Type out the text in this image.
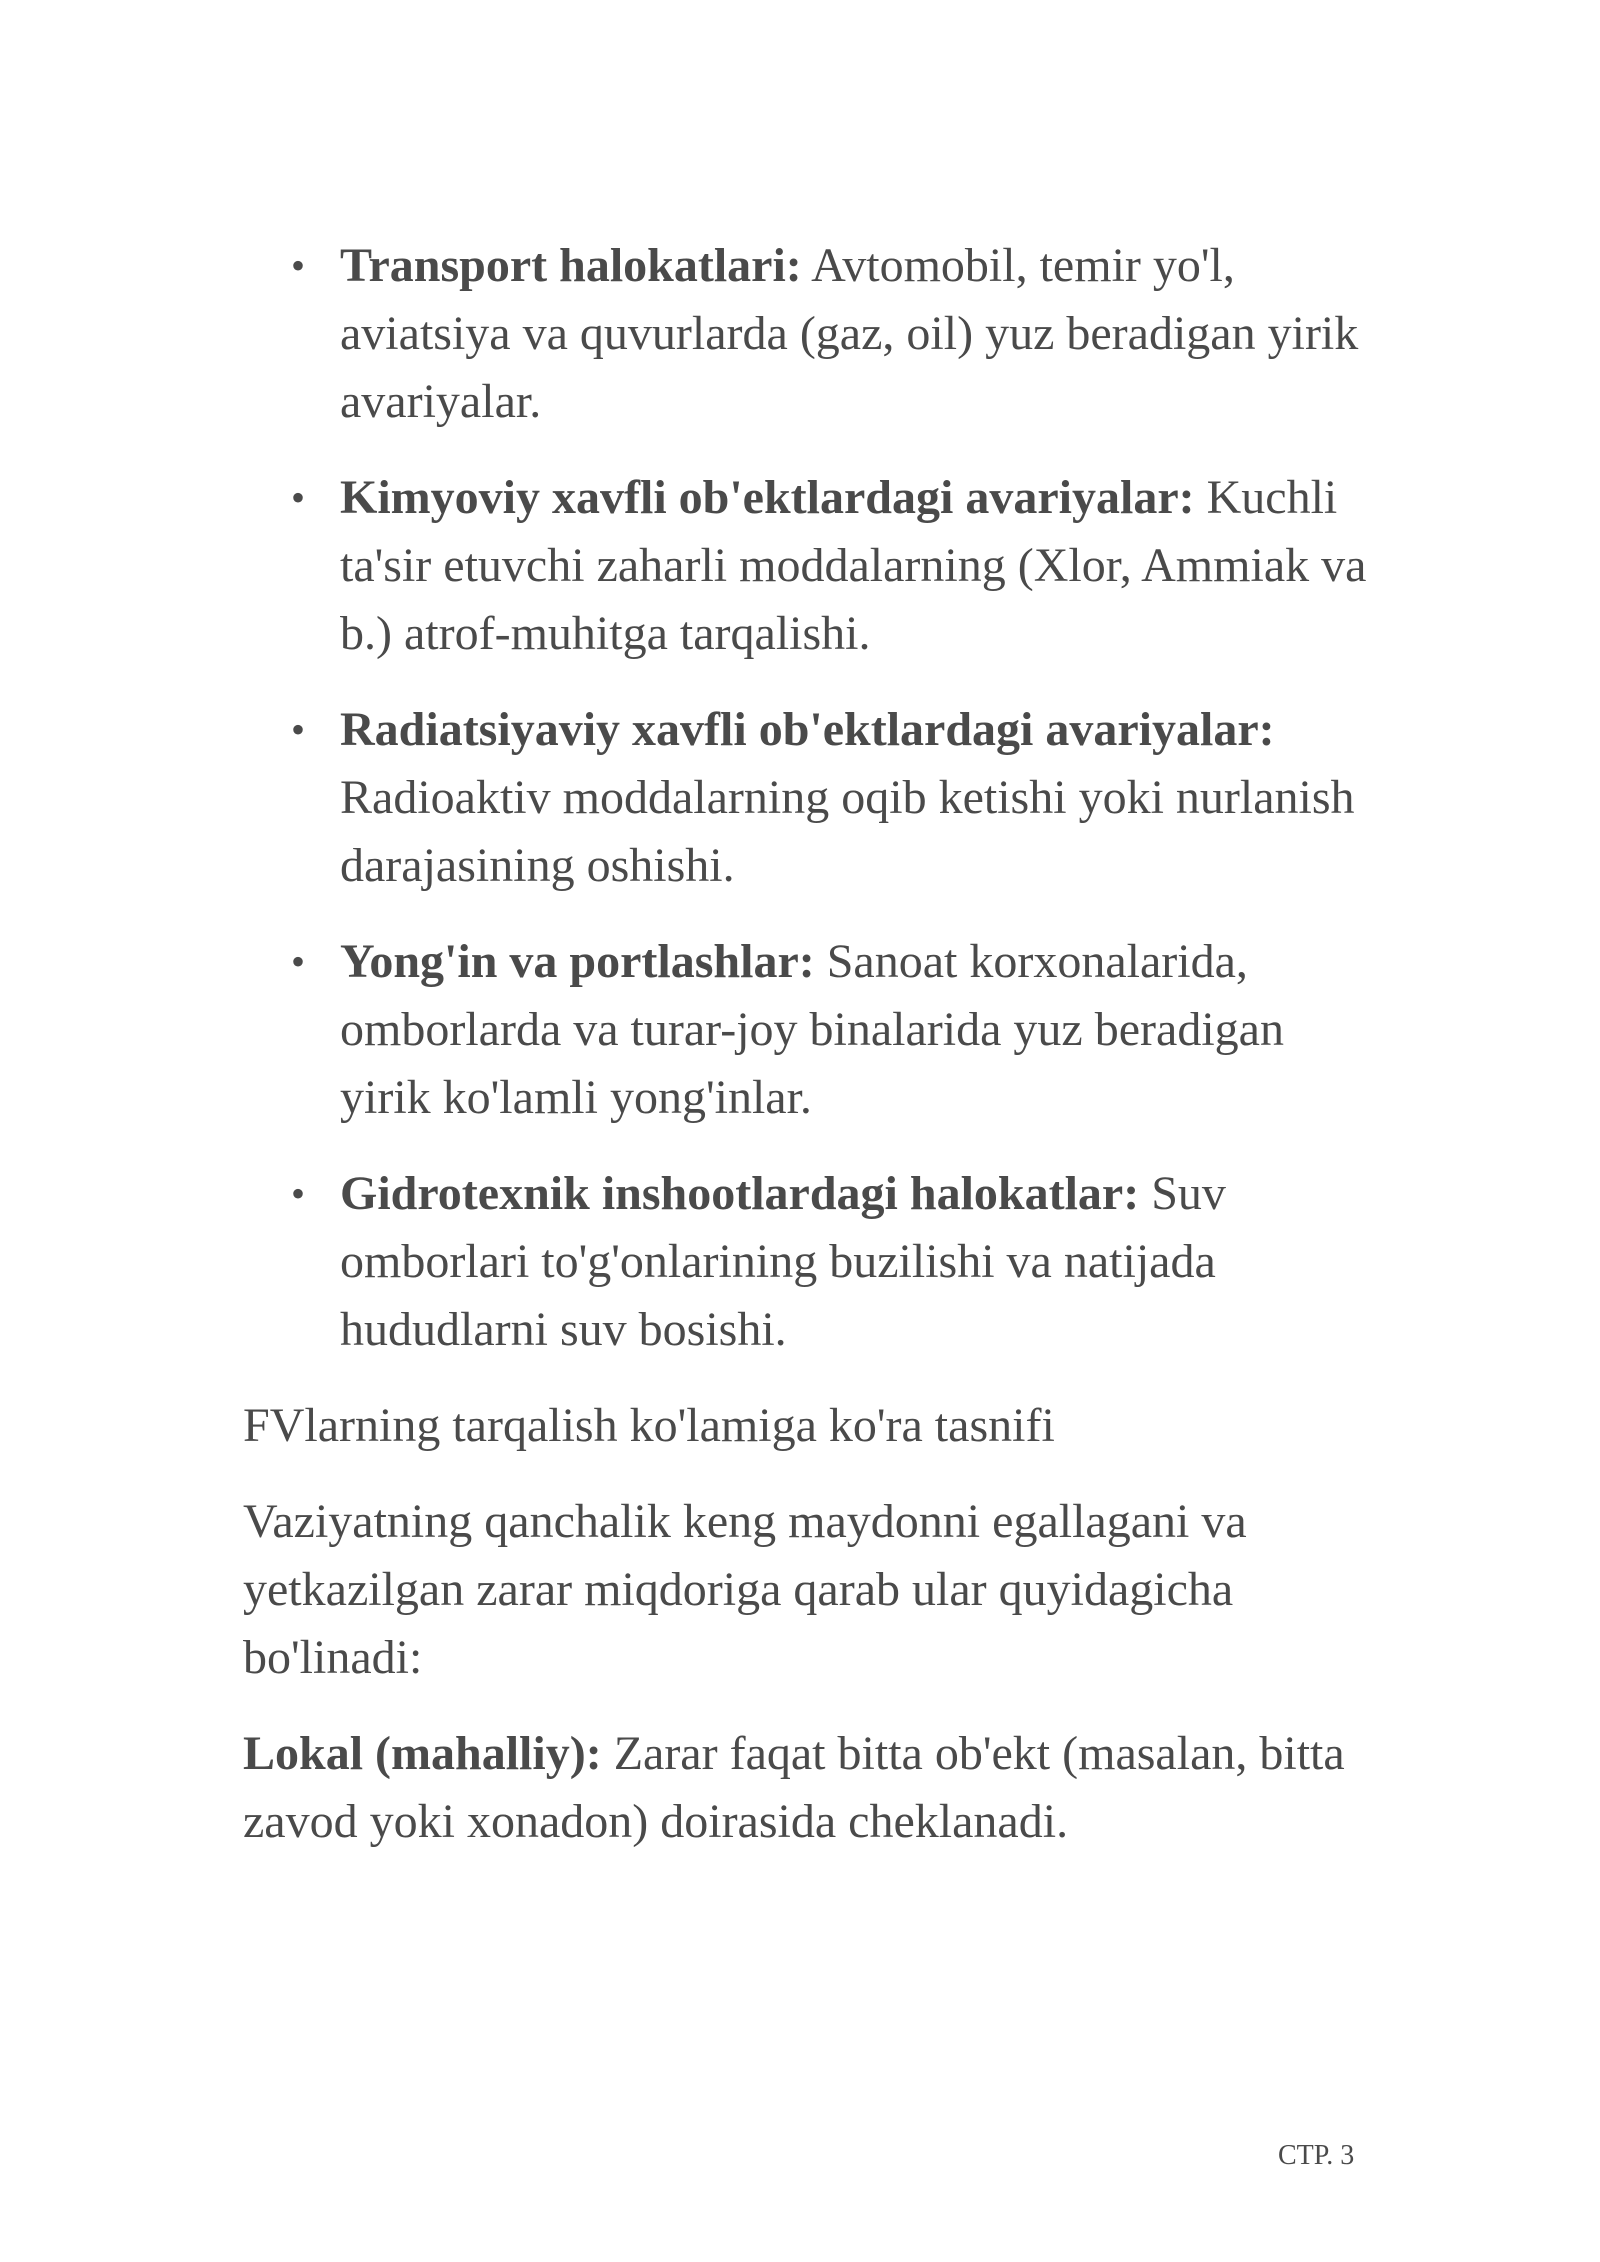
• Transport halokatlari: Avtomobil, temir yo'l, aviatsiya va quvurlarda (gaz, oil) yuz beradigan yirik avariyalar.
• Kimyoviy xavfli ob'ektlardagi avariyalar: Kuchli ta'sir etuvchi zaharli moddalarning (Xlor, Ammiak va b.) atrof-muhitga tarqalishi.
• Radiatsiyaviy xavfli ob'ektlardagi avariyalar: Radioaktiv moddalarning oqib ketishi yoki nurlanish darajasining oshishi.
• Yong'in va portlashlar: Sanoat korxonalarida, omborlarda va turar-joy binalarida yuz beradigan yirik ko'lamli yong'inlar.
• Gidrotexnik inshootlardagi halokatlar: Suv omborlari to'g'onlarining buzilishi va natijada hududlarni suv bosishi.

FVlarning tarqalish ko'lamiga ko'ra tasnifi

Vaziyatning qanchalik keng maydonni egallagani va yetkazilgan zarar miqdoriga qarab ular quyidagicha bo'linadi:

Lokal (mahalliy): Zarar faqat bitta ob'ekt (masalan, bitta zavod yoki xonadon) doirasida cheklanadi.

CTP. 3
